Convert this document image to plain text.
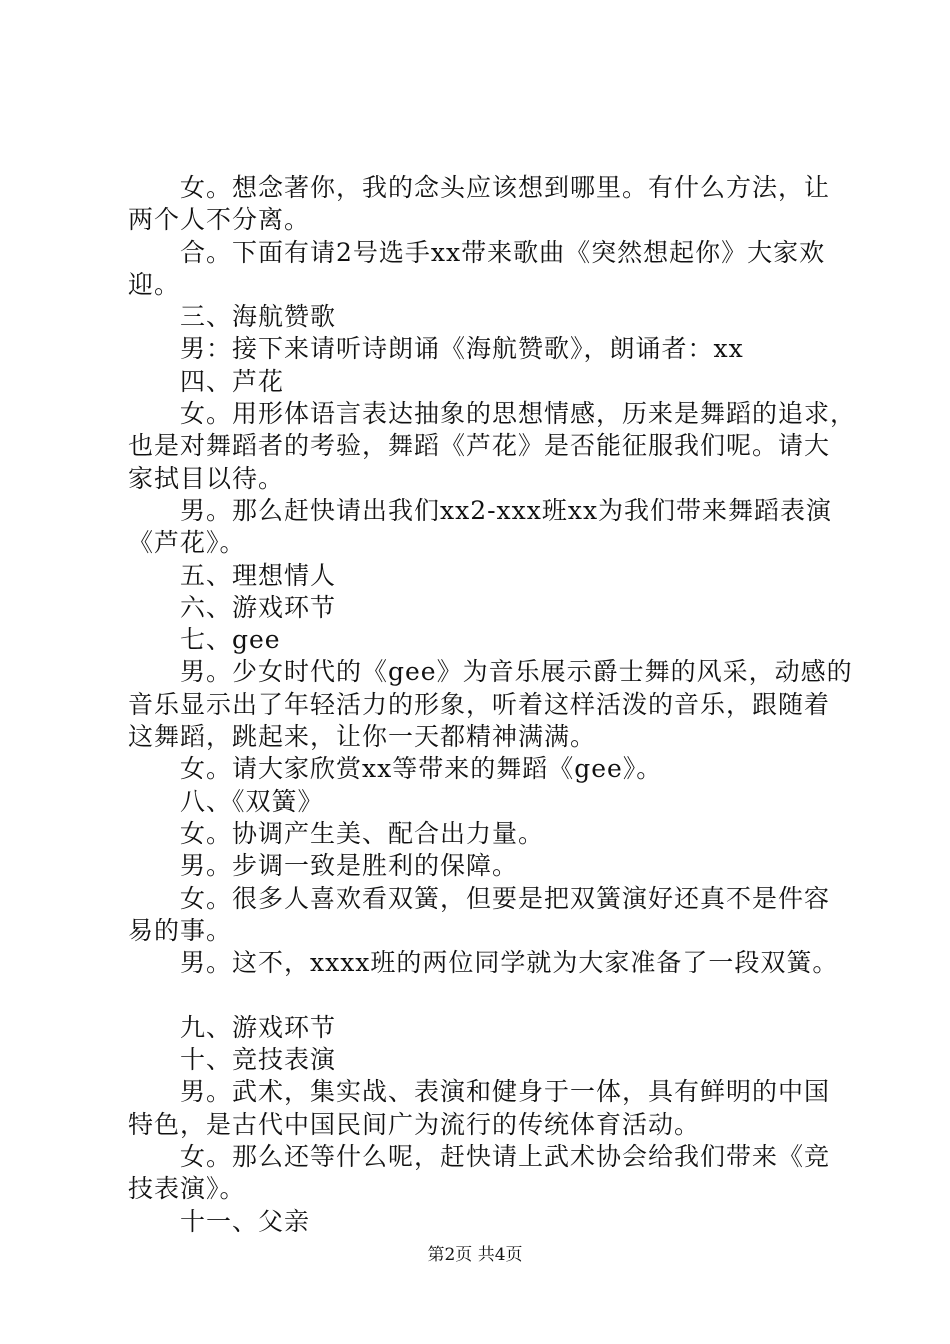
女。想念著你，我的念头应该想到哪里。有什么方法，让
两个人不分离。
合。下面有请2号选手xx带来歌曲《突然想起你》大家欢
迎。
三、海航赞歌
男：接下来请听诗朗诵《海航赞歌》，朗诵者：xx
四、芦花
女。用形体语言表达抽象的思想情感，历来是舞蹈的追求，
也是对舞蹈者的考验，舞蹈《芦花》是否能征服我们呢。请大
家拭目以待。
男。那么赶快请出我们xx2-xxx班xx为我们带来舞蹈表演
《芦花》。
五、理想情人
六、游戏环节
七、gee
男。少女时代的《gee》为音乐展示爵士舞的风采，动感的
音乐显示出了年轻活力的形象，听着这样活泼的音乐，跟随着
这舞蹈，跳起来，让你一天都精神满满。
女。请大家欣赏xx等带来的舞蹈《gee》。
八、《双簧》
女。协调产生美、配合出力量。
男。步调一致是胜利的保障。
女。很多人喜欢看双簧，但要是把双簧演好还真不是件容
易的事。
男。这不，xxxx班的两位同学就为大家准备了一段双簧。
九、游戏环节
十、竞技表演
男。武术，集实战、表演和健身于一体，具有鲜明的中国
特色，是古代中国民间广为流行的传统体育活动。
女。那么还等什么呢，赶快请上武术协会给我们带来《竞
技表演》。
十一、父亲
第2页 共4页
